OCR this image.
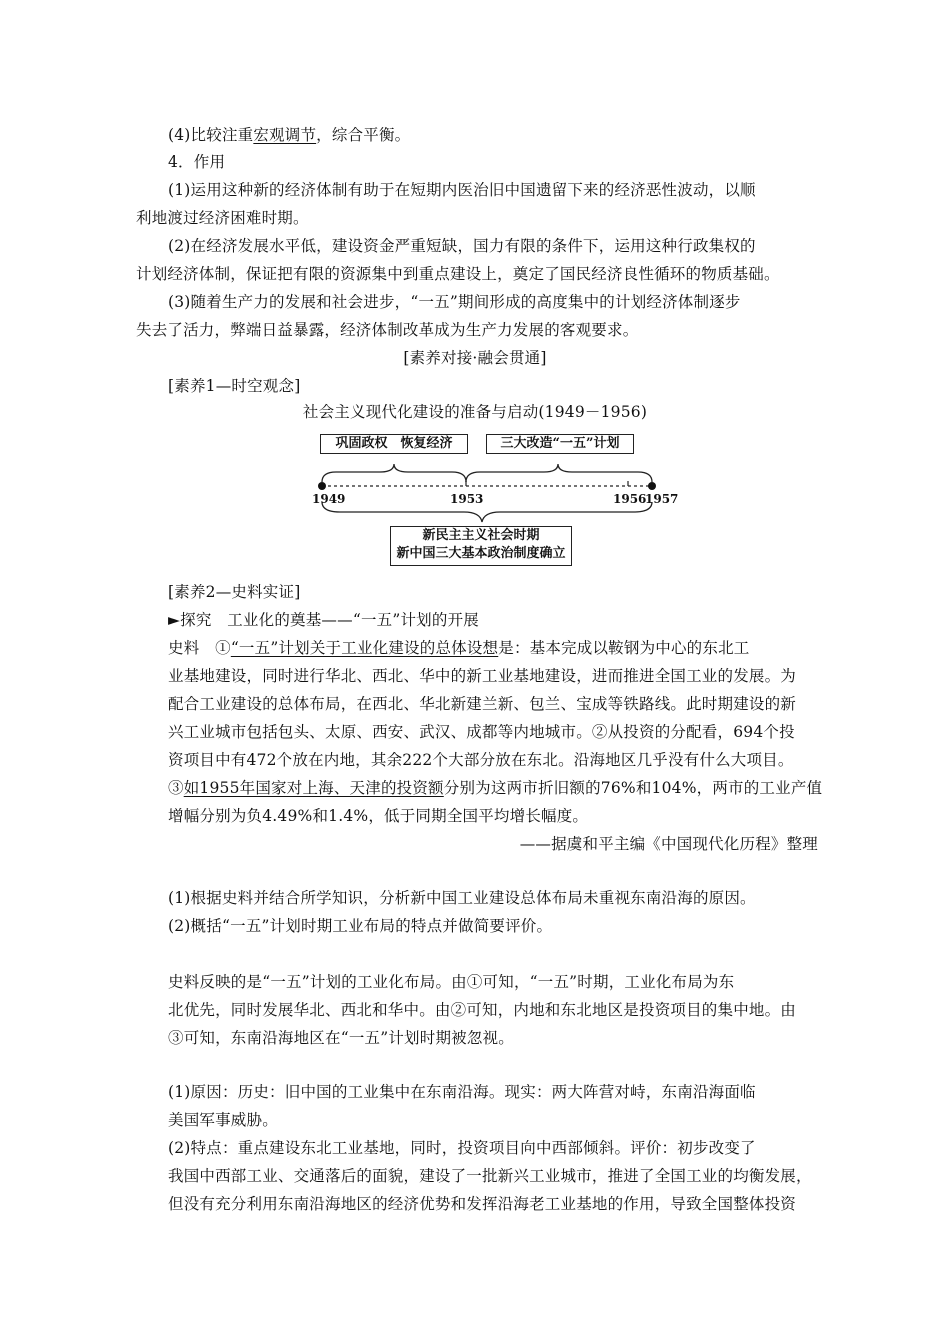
(4)比较注重宏观调节，综合平衡。
4．作用
(1)运用这种新的经济体制有助于在短期内医治旧中国遗留下来的经济恶性波动，以顺
利地渡过经济困难时期。
(2)在经济发展水平低，建设资金严重短缺，国力有限的条件下，运用这种行政集权的
计划经济体制，保证把有限的资源集中到重点建设上，奠定了国民经济良性循环的物质基础。
(3)随着生产力的发展和社会进步，“一五”期间形成的高度集中的计划经济体制逐步
失去了活力，弊端日益暴露，经济体制改革成为生产力发展的客观要求。
[素养对接·融会贯通]
[素养1—时空观念]
社会主义现代化建设的准备与启动(1949－1956)
巩固政权　恢复经济	三大改造“一五”计划
1949	1953	1956
1957
新民主主义社会时期
新中国三大基本政治制度确立
[素养2—史料实证]
►探究　工业化的奠基——“一五”计划的开展
史料　①“一五”计划关于工业化建设的总体设想是：基本完成以鞍钢为中心的东北工
业基地建设，同时进行华北、西北、华中的新工业基地建设，进而推进全国工业的发展。为
配合工业建设的总体布局，在西北、华北新建兰新、包兰、宝成等铁路线。此时期建设的新
兴工业城市包括包头、太原、西安、武汉、成都等内地城市。②从投资的分配看，694个投
资项目中有472个放在内地，其余222个大部分放在东北。沿海地区几乎没有什么大项目。
③如1955年国家对上海、天津的投资额分别为这两市折旧额的76%和104%，两市的工业产值
增幅分别为负4.49%和1.4%，低于同期全国平均增长幅度。
——据虞和平主编《中国现代化历程》整理
(1)根据史料并结合所学知识，分析新中国工业建设总体布局未重视东南沿海的原因。
(2)概括“一五”计划时期工业布局的特点并做简要评价。
史料反映的是“一五”计划的工业化布局。由①可知，“一五”时期，工业化布局为东
北优先，同时发展华北、西北和华中。由②可知，内地和东北地区是投资项目的集中地。由
③可知，东南沿海地区在“一五”计划时期被忽视。
(1)原因：历史：旧中国的工业集中在东南沿海。现实：两大阵营对峙，东南沿海面临
美国军事威胁。
(2)特点：重点建设东北工业基地，同时，投资项目向中西部倾斜。评价：初步改变了
我国中西部工业、交通落后的面貌，建设了一批新兴工业城市，推进了全国工业的均衡发展，
但没有充分利用东南沿海地区的经济优势和发挥沿海老工业基地的作用，导致全国整体投资
